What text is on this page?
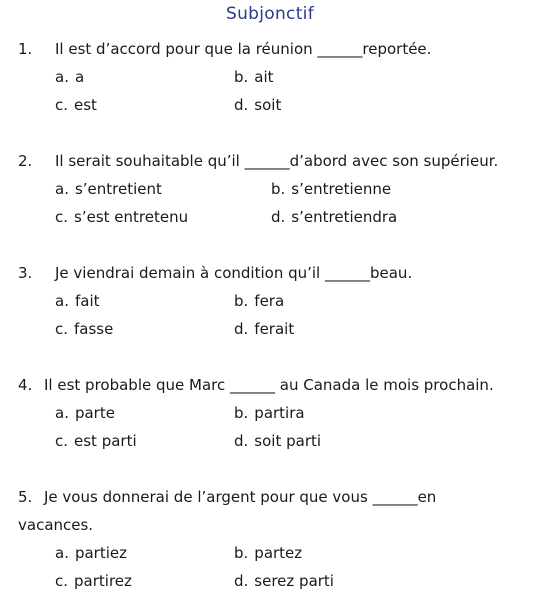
Subjonctif
1. Il est d’accord pour que la réunion ______reportée.
a. a	b. ait
c. est	d. soit
2. Il serait souhaitable qu’il ______d’abord avec son supérieur.
a. s’entretient	b. s’entretienne
c. s’est entretenu	d. s’entretiendra
3. Je viendrai demain à condition qu’il ______beau.
a. fait	b. fera
c. fasse	d. ferait
4. Il est probable que Marc ______ au Canada le mois prochain.
a. parte	b. partira
c. est parti	d. soit parti
5. Je vous donnerai de l’argent pour que vous ______en
vacances.
a. partiez	b. partez
c. partirez	d. serez parti
